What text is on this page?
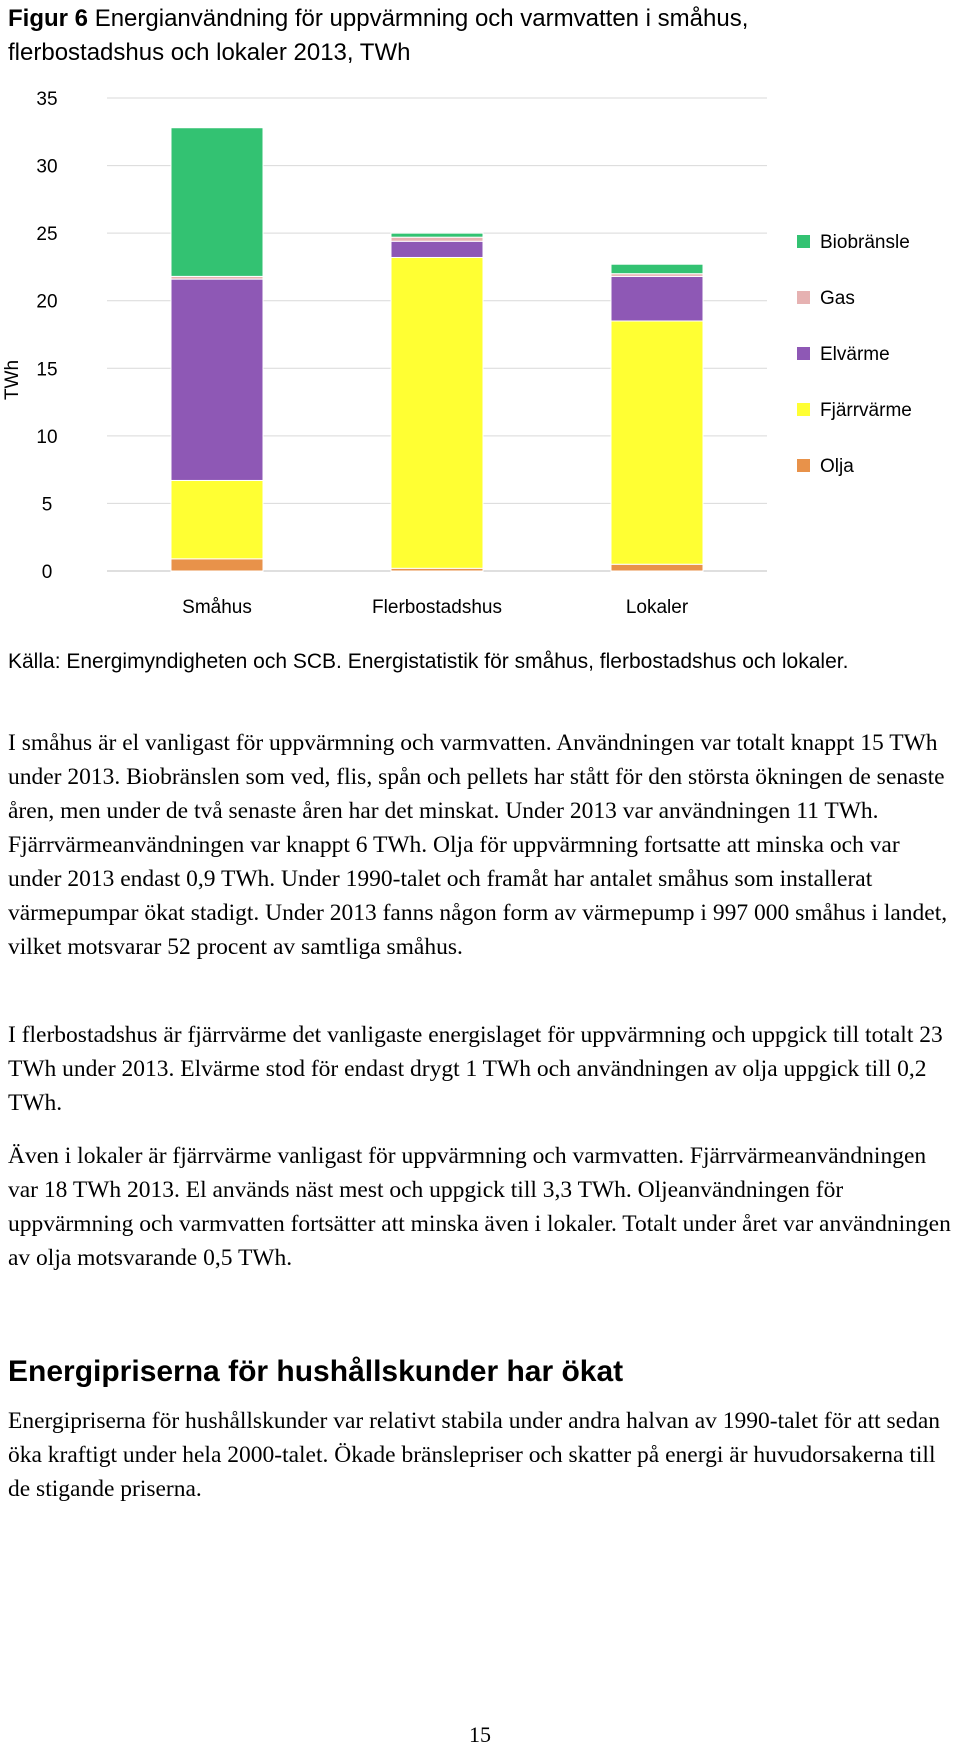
Figur 6 Energianvändning för uppvärmning och varmvatten i småhus, flerbostadshus och lokaler 2013, TWh
0
5
10
15
20
25
30
35
Småhus	Flerbostadshus	Lokaler
Biobränsle
Gas
Elvärme
Fjärrvärme
Olja
TWh
Källa: Energimyndigheten och SCB. Energistatistik för småhus, flerbostadshus och lokaler.

I småhus är el vanligast för uppvärmning och varmvatten. Användningen var totalt knappt 15 TWh under 2013. Biobränslen som ved, flis, spån och pellets har stått för den största ökningen de senaste åren, men under de två senaste åren har det minskat. Under 2013 var användningen 11 TWh. Fjärrvärmeanvändningen var knappt 6 TWh. Olja för uppvärmning fortsatte att minska och var under 2013 endast 0,9 TWh. Under 1990-talet och framåt har antalet småhus som installerat värmepumpar ökat stadigt. Under 2013 fanns någon form av värmepump i 997 000 småhus i landet, vilket motsvarar 52 procent av samtliga småhus.

I flerbostadshus är fjärrvärme det vanligaste energislaget för uppvärmning och uppgick till totalt 23 TWh under 2013. Elvärme stod för endast drygt 1 TWh och användningen av olja uppgick till 0,2 TWh.

Även i lokaler är fjärrvärme vanligast för uppvärmning och varmvatten. Fjärrvärmeanvändningen var 18 TWh 2013. El används näst mest och uppgick till 3,3 TWh. Oljeanvändningen för uppvärmning och varmvatten fortsätter att minska även i lokaler. Totalt under året var användningen av olja motsvarande 0,5 TWh.

Energipriserna för hushållskunder har ökat

Energipriserna för hushållskunder var relativt stabila under andra halvan av 1990-talet för att sedan öka kraftigt under hela 2000-talet. Ökade bränslepriser och skatter på energi är huvudorsakerna till de stigande priserna.

15
